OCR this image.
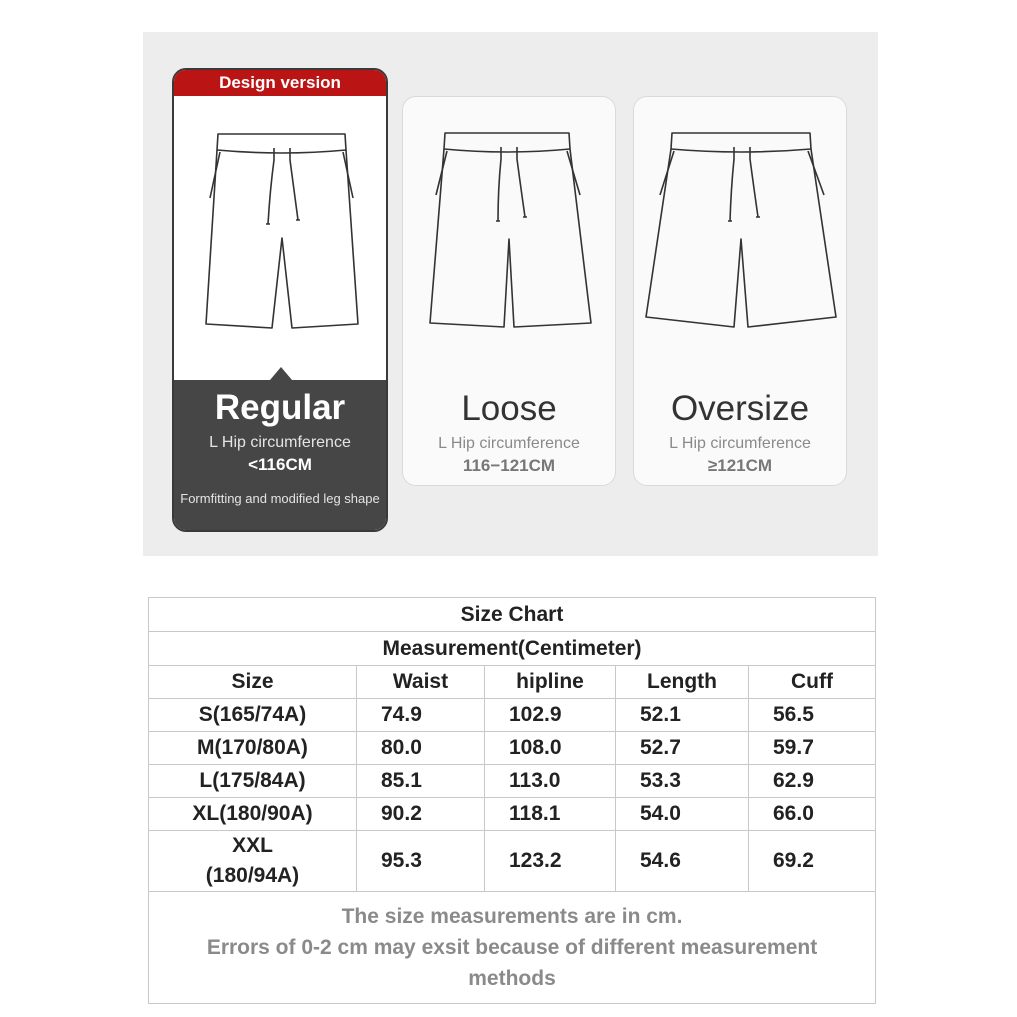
Design version
Regular
L Hip circumference
<116CM
Formfitting and modified leg shape
Loose
L Hip circumference
116−121CM
Oversize
L Hip circumference
≥121CM
Size Chart				
Measurement(Centimeter)				
Size	Waist	hipline	Length	Cuff
S(165/74A)	74.9	102.9	52.1	56.5
M(170/80A)	80.0	108.0	52.7	59.7
L(175/84A)	85.1	113.0	53.3	62.9
XL(180/90A)	90.2	118.1	54.0	66.0

XXL
(180/94A)	95.3	123.2	54.6	69.2

The size measurements are in cm.
Errors of 0-2 cm may exsit because of different measurement
methods				
